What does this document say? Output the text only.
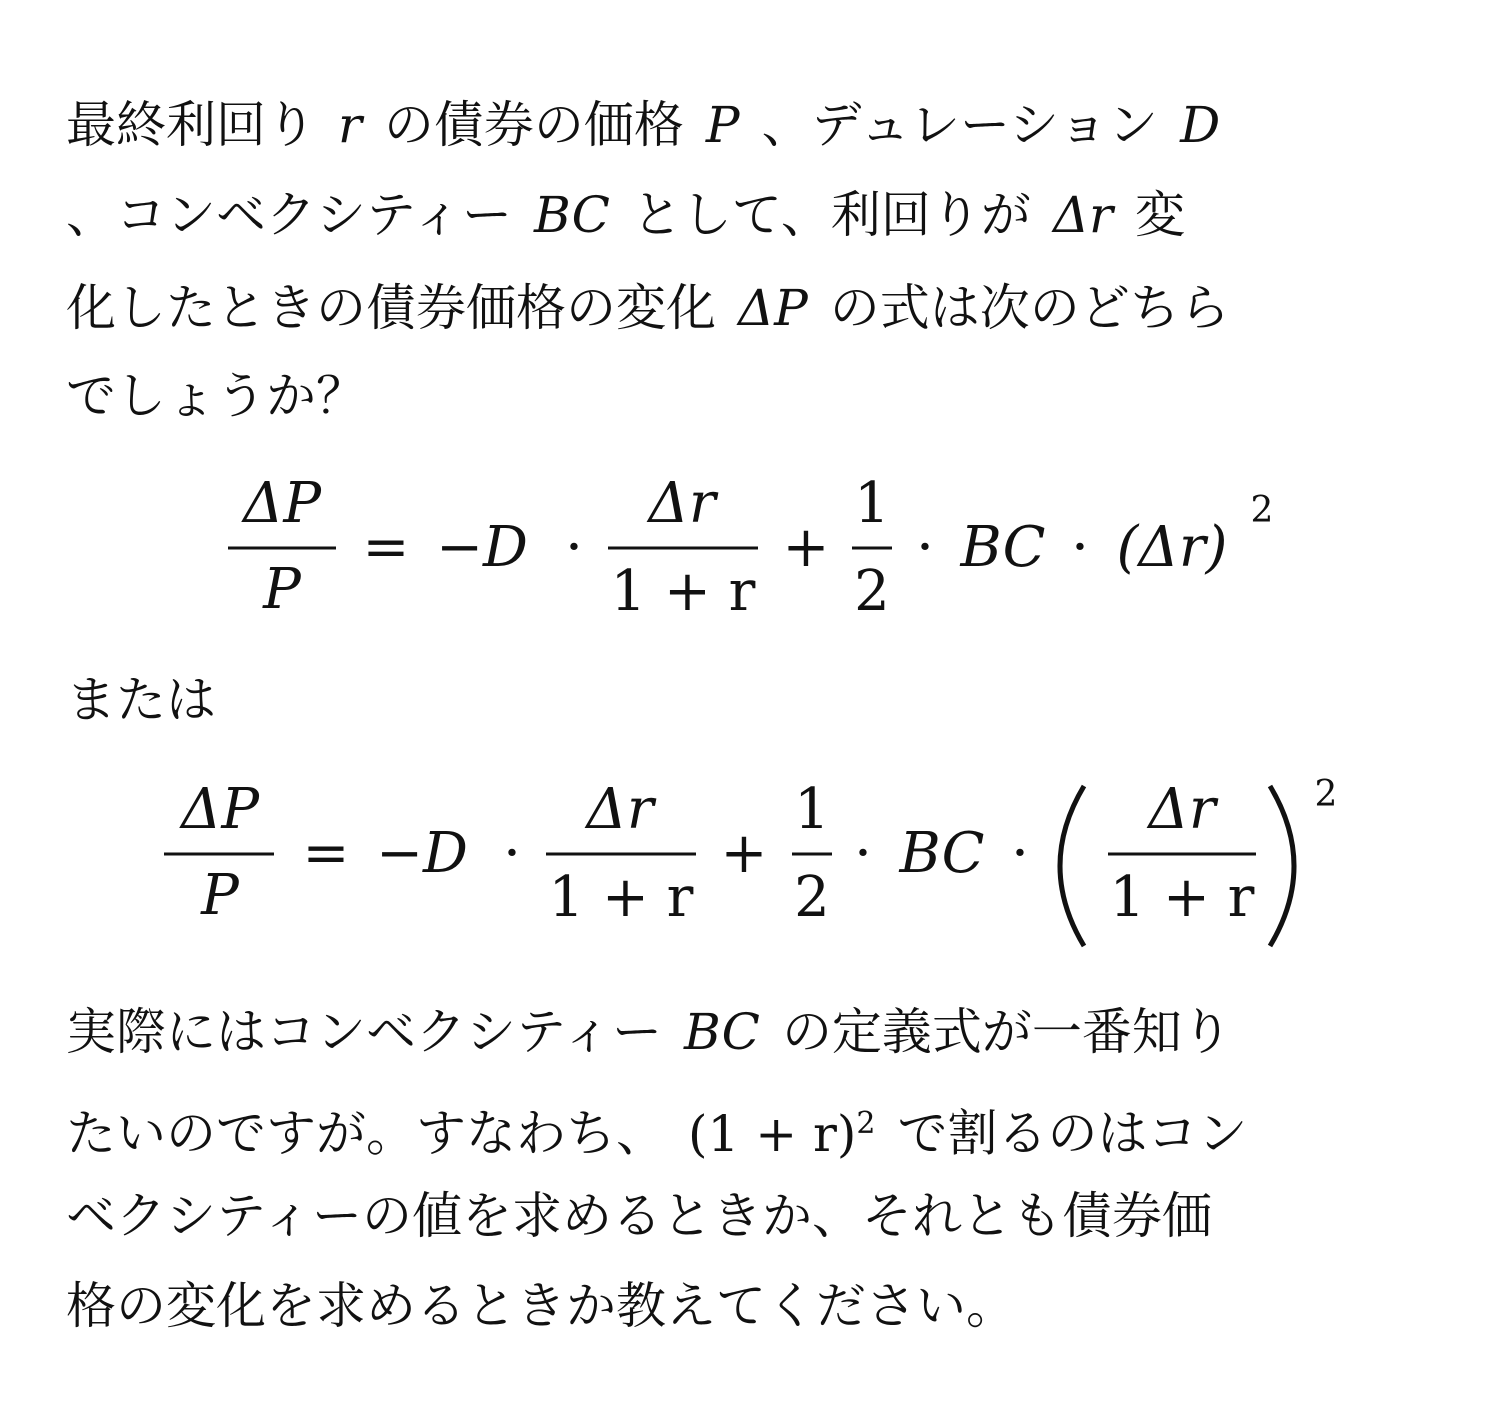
最終利回り r の債券の価格 P 、デュレーション D
、コンベクシティー BC として、利回りが Δr 変
化したときの債券価格の変化 ΔP の式は次のどちら
でしょうか？
ΔP
P
= −D ·
Δr
1 + r
+
1
2
· BC · (Δr)
2
または
ΔP
P
= −D ·
Δr
1 + r
+
1
2
· BC ·
Δr
1 + r
2
実際にはコンベクシティー BC の定義式が一番知り
たいのですが。すなわち、 $(1 + r)^2$ で割るのはコン
ベクシティーの値を求めるときか、それとも債券価
格の変化を求めるときか教えてください。
